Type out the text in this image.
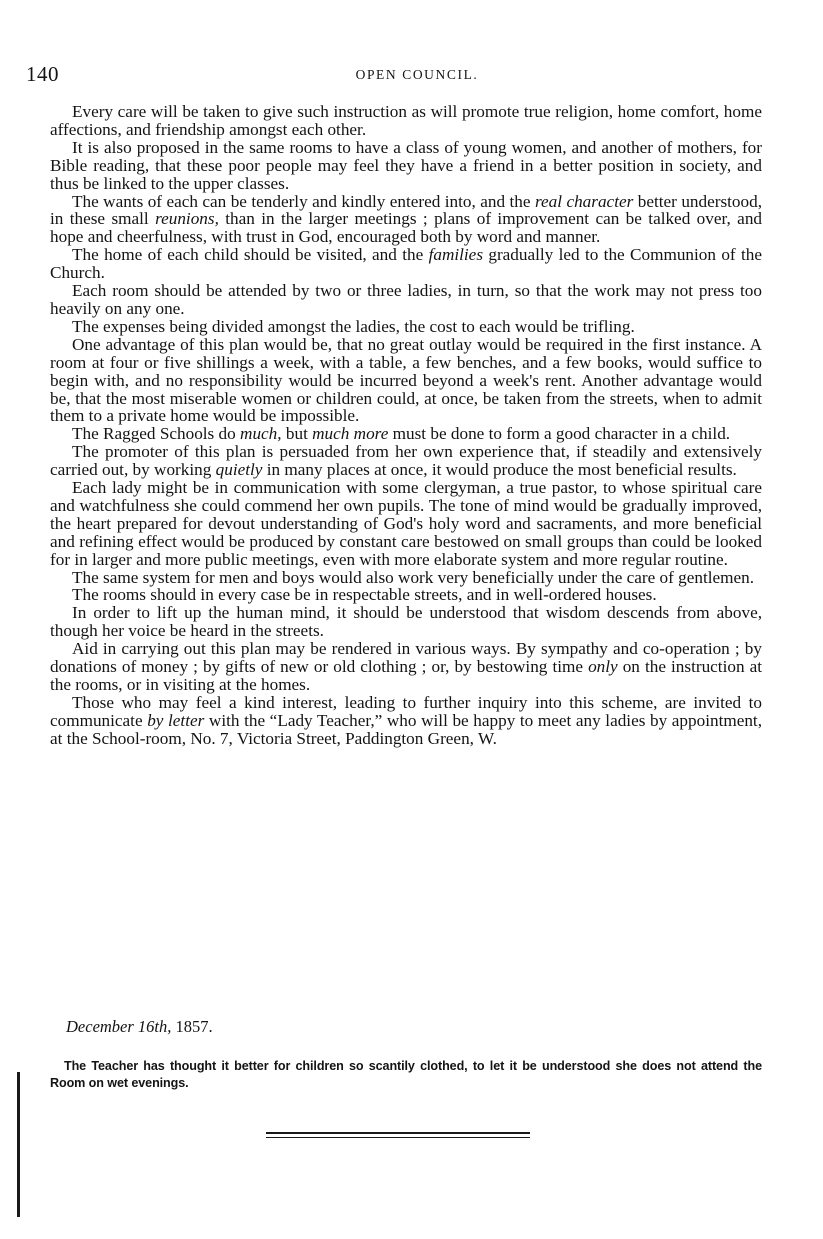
140	OPEN COUNCIL.

Every care will be taken to give such instruction as will promote true religion, home comfort, home affections, and friendship amongst each other.

It is also proposed in the same rooms to have a class of young women, and another of mothers, for Bible reading, that these poor people may feel they have a friend in a better position in society, and thus be linked to the upper classes.

The wants of each can be tenderly and kindly entered into, and the real character better understood, in these small reunions, than in the larger meetings ; plans of improvement can be talked over, and hope and cheerfulness, with trust in God, encouraged both by word and manner.

The home of each child should be visited, and the families gradually led to the Communion of the Church.

Each room should be attended by two or three ladies, in turn, so that the work may not press too heavily on any one.

The expenses being divided amongst the ladies, the cost to each would be trifling.

One advantage of this plan would be, that no great outlay would be required in the first instance. A room at four or five shillings a week, with a table, a few benches, and a few books, would suffice to begin with, and no responsibility would be incurred beyond a week's rent. Another advantage would be, that the most miserable women or children could, at once, be taken from the streets, when to admit them to a private home would be impossible.

The Ragged Schools do much, but much more must be done to form a good character in a child.

The promoter of this plan is persuaded from her own experience that, if steadily and extensively carried out, by working quietly in many places at once, it would produce the most beneficial results.

Each lady might be in communication with some clergyman, a true pastor, to whose spiritual care and watchfulness she could commend her own pupils. The tone of mind would be gradually improved, the heart prepared for devout understanding of God's holy word and sacraments, and more beneficial and refining effect would be produced by constant care bestowed on small groups than could be looked for in larger and more public meetings, even with more elaborate system and more regular routine.

The same system for men and boys would also work very beneficially under the care of gentlemen.

The rooms should in every case be in respectable streets, and in well-ordered houses.

In order to lift up the human mind, it should be understood that wisdom descends from above, though her voice be heard in the streets.

Aid in carrying out this plan may be rendered in various ways. By sympathy and co-operation ; by donations of money ; by gifts of new or old clothing ; or, by bestowing time only on the instruction at the rooms, or in visiting at the homes.

Those who may feel a kind interest, leading to further inquiry into this scheme, are invited to communicate by letter with the “Lady Teacher,” who will be happy to meet any ladies by appointment, at the School-room, No. 7, Victoria Street, Paddington Green, W.

December 16th, 1857.

The Teacher has thought it better for children so scantily clothed, to let it be understood she does not attend the Room on wet evenings.
